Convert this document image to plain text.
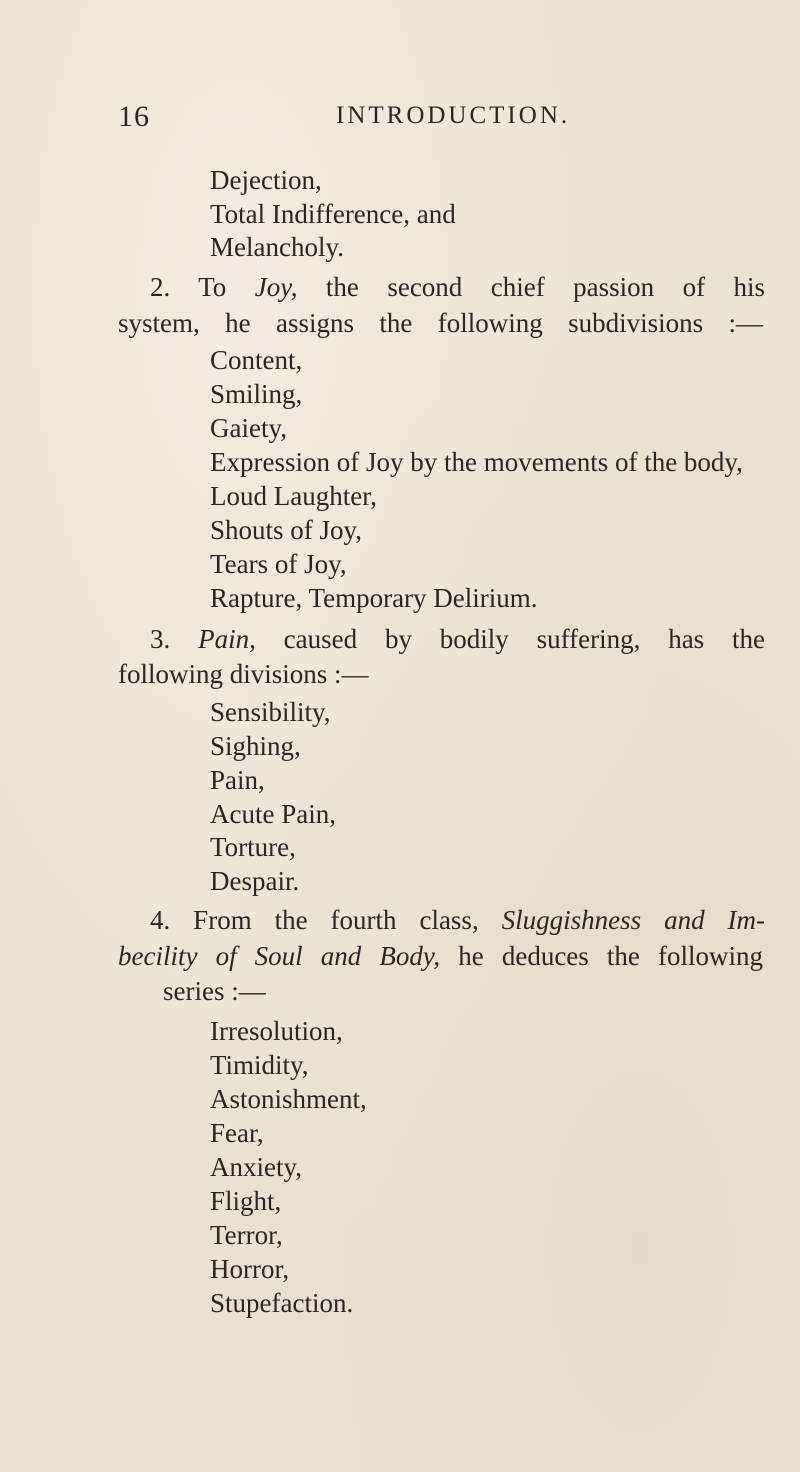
16	INTRODUCTION.
Dejection,
Total Indifference, and
Melancholy.
2. To Joy, the second chief passion of his
system, he assigns the following subdivisions :—
Content,
Smiling,
Gaiety,
Expression of Joy by the movements of the body,
Loud Laughter,
Shouts of Joy,
Tears of Joy,
Rapture, Temporary Delirium.
3. Pain, caused by bodily suffering, has the
following divisions :—
Sensibility,
Sighing,
Pain,
Acute Pain,
Torture,
Despair.
4. From the fourth class, Sluggishness and Im-
becility of Soul and Body, he deduces the following
series :—
Irresolution,
Timidity,
Astonishment,
Fear,
Anxiety,
Flight,
Terror,
Horror,
Stupefaction.
